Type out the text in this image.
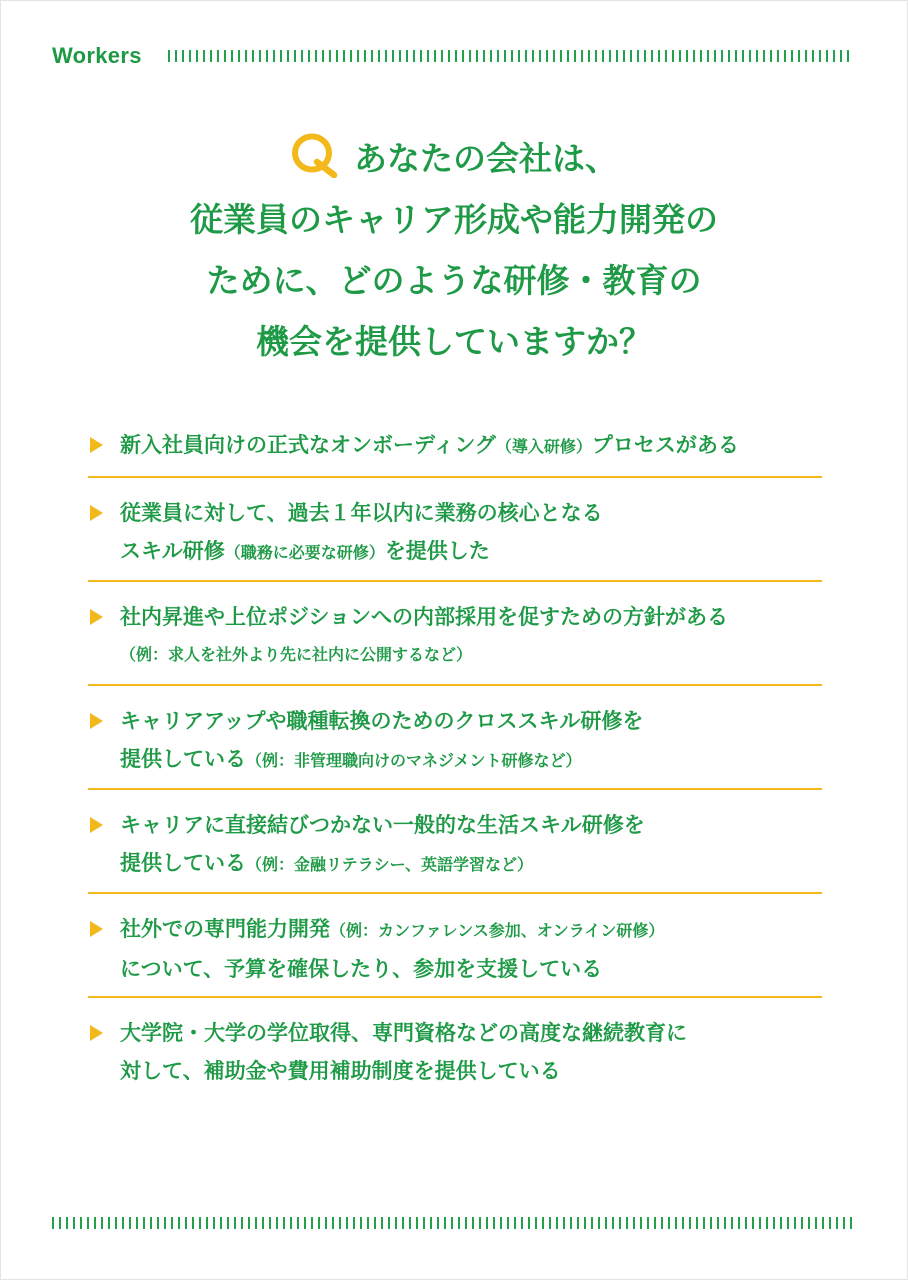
Workers
あなたの会社は、
従業員のキャリア形成や能力開発の
ために、どのような研修・教育の
機会を提供していますか？
新入社員向けの正式なオンボーディング（導入研修）プロセスがある
従業員に対して、過去１年以内に業務の核心となる
スキル研修（職務に必要な研修）を提供した
社内昇進や上位ポジションへの内部採用を促すための方針がある
（例：求人を社外より先に社内に公開するなど）
キャリアアップや職種転換のためのクロススキル研修を
提供している（例：非管理職向けのマネジメント研修など）
キャリアに直接結びつかない一般的な生活スキル研修を
提供している（例：金融リテラシー、英語学習など）
社外での専門能力開発（例：カンファレンス参加、オンライン研修）
について、予算を確保したり、参加を支援している
大学院・大学の学位取得、専門資格などの高度な継続教育に
対して、補助金や費用補助制度を提供している
